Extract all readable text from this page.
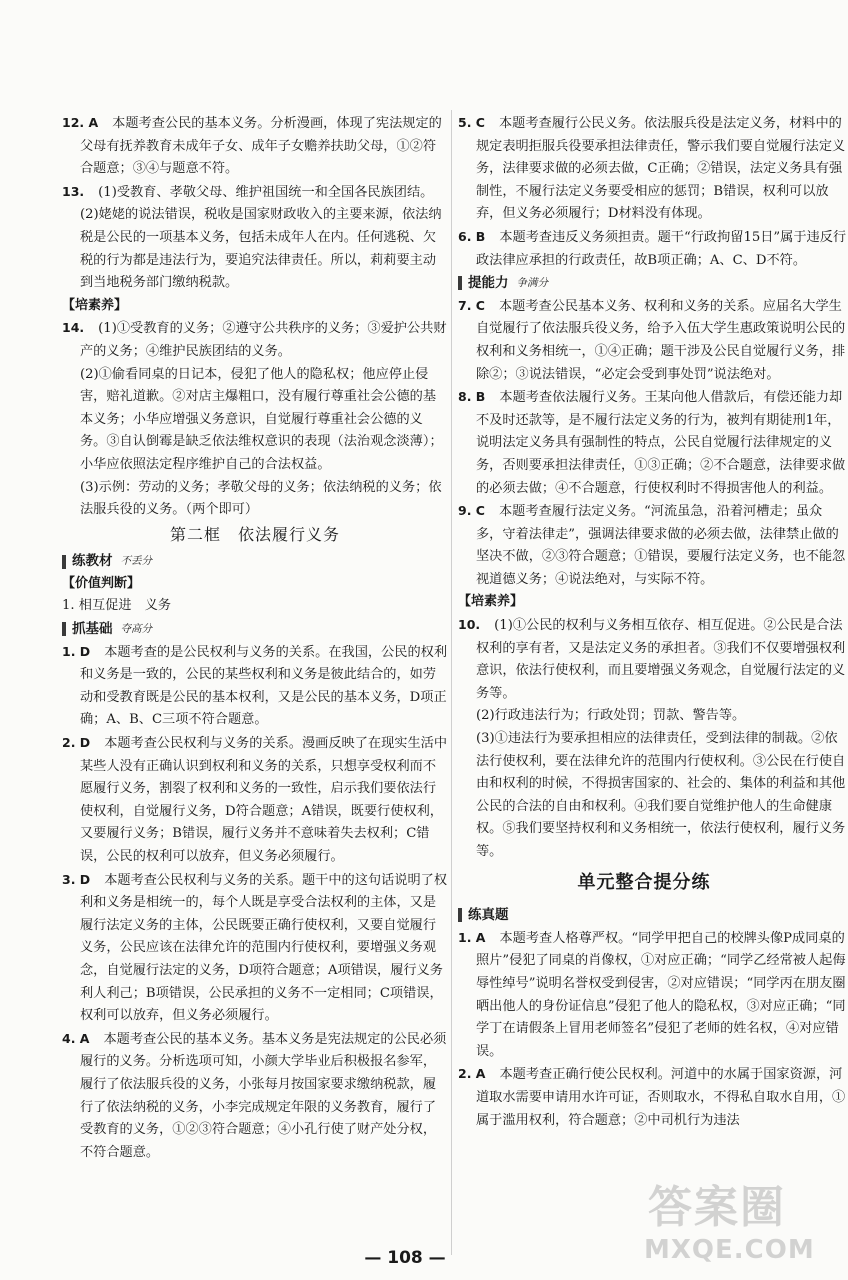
12. A 本题考查公民的基本义务。分析漫画，体现了宪法规定的父母有抚养教育未成年子女、成年子女赡养扶助父母，①②符合题意；③④与题意不符。

13. (1)受教育、孝敬父母、维护祖国统一和全国各民族团结。

(2)姥姥的说法错误，税收是国家财政收入的主要来源，依法纳税是公民的一项基本义务，包括未成年人在内。任何逃税、欠税的行为都是违法行为，要追究法律责任。所以，莉莉要主动到当地税务部门缴纳税款。

【培素养】

14. (1)①受教育的义务；②遵守公共秩序的义务；③爱护公共财产的义务；④维护民族团结的义务。

(2)①偷看同桌的日记本，侵犯了他人的隐私权；他应停止侵害，赔礼道歉。②对店主爆粗口，没有履行尊重社会公德的基本义务；小华应增强义务意识，自觉履行尊重社会公德的义务。③自认倒霉是缺乏依法维权意识的表现（法治观念淡薄）；小华应依照法定程序维护自己的合法权益。

(3)示例：劳动的义务；孝敬父母的义务；依法纳税的义务；依法服兵役的义务。（两个即可）

第二框　依法履行义务

练教材 不丢分

【价值判断】

1. 相互促进　义务

抓基础 夺高分

1. D 本题考查的是公民权利与义务的关系。在我国，公民的权利和义务是一致的，公民的某些权利和义务是彼此结合的，如劳动和受教育既是公民的基本权利，又是公民的基本义务，D项正确；A、B、C三项不符合题意。

2. D 本题考查公民权利与义务的关系。漫画反映了在现实生活中某些人没有正确认识到权利和义务的关系，只想享受权利而不愿履行义务，割裂了权利和义务的一致性，启示我们要依法行使权利，自觉履行义务，D符合题意；A错误，既要行使权利，又要履行义务；B错误，履行义务并不意味着失去权利；C错误，公民的权利可以放弃，但义务必须履行。

3. D 本题考查公民权利与义务的关系。题干中的这句话说明了权利和义务是相统一的，每个人既是享受合法权利的主体，又是履行法定义务的主体，公民既要正确行使权利，又要自觉履行义务，公民应该在法律允许的范围内行使权利，要增强义务观念，自觉履行法定的义务，D项符合题意；A项错误，履行义务利人利己；B项错误，公民承担的义务不一定相同；C项错误，权利可以放弃，但义务必须履行。

4. A 本题考查公民的基本义务。基本义务是宪法规定的公民必须履行的义务。分析选项可知，小颜大学毕业后积极报名参军，履行了依法服兵役的义务，小张每月按国家要求缴纳税款，履行了依法纳税的义务，小李完成规定年限的义务教育，履行了受教育的义务，①②③符合题意；④小孔行使了财产处分权，不符合题意。

5. C 本题考查履行公民义务。依法服兵役是法定义务，材料中的规定表明拒服兵役要承担法律责任，警示我们要自觉履行法定义务，法律要求做的必须去做，C正确；②错误，法定义务具有强制性，不履行法定义务要受相应的惩罚；B错误，权利可以放弃，但义务必须履行；D材料没有体现。

6. B 本题考查违反义务须担责。题干“行政拘留15日”属于违反行政法律应承担的行政责任，故B项正确；A、C、D不符。

提能力 争满分

7. C 本题考查公民基本义务、权利和义务的关系。应届名大学生自觉履行了依法服兵役义务，给予入伍大学生惠政策说明公民的权利和义务相统一，①④正确；题干涉及公民自觉履行义务，排除②；③说法错误，“必定会受到事处罚”说法绝对。

8. B 本题考查依法履行义务。王某向他人借款后，有偿还能力却不及时还款等，是不履行法定义务的行为，被判有期徒刑1年，说明法定义务具有强制性的特点，公民自觉履行法律规定的义务，否则要承担法律责任，①③正确；②不合题意，法律要求做的必须去做；④不合题意，行使权利时不得损害他人的利益。

9. C 本题考查履行法定义务。“河流虽急，沿着河槽走；虽众多，守着法律走”，强调法律要求做的必须去做，法律禁止做的坚决不做，②③符合题意；①错误，要履行法定义务，也不能忽视道德义务；④说法绝对，与实际不符。

【培素养】

10. (1)①公民的权利与义务相互依存、相互促进。②公民是合法权利的享有者，又是法定义务的承担者。③我们不仅要增强权利意识，依法行使权利，而且要增强义务观念，自觉履行法定的义务等。

(2)行政违法行为；行政处罚；罚款、警告等。

(3)①违法行为要承担相应的法律责任，受到法律的制裁。②依法行使权利，要在法律允许的范围内行使权利。③公民在行使自由和权利的时候，不得损害国家的、社会的、集体的利益和其他公民的合法的自由和权利。④我们要自觉维护他人的生命健康权。⑤我们要坚持权利和义务相统一，依法行使权利，履行义务等。

单元整合提分练

练真题

1. A 本题考查人格尊严权。“同学甲把自己的校牌头像P成同桌的照片”侵犯了同桌的肖像权，①对应正确；“同学乙经常被人起侮辱性绰号”说明名誉权受到侵害，②对应错误；“同学丙在朋友圈晒出他人的身份证信息”侵犯了他人的隐私权，③对应正确；“同学丁在请假条上冒用老师签名”侵犯了老师的姓名权，④对应错误。

2. A 本题考查正确行使公民权利。河道中的水属于国家资源，河道取水需要申请用水许可证，否则取水，不得私自取水自用，①属于滥用权利，符合题意；②中司机行为违法

— 108 —
答案圈
MXQE.COM
